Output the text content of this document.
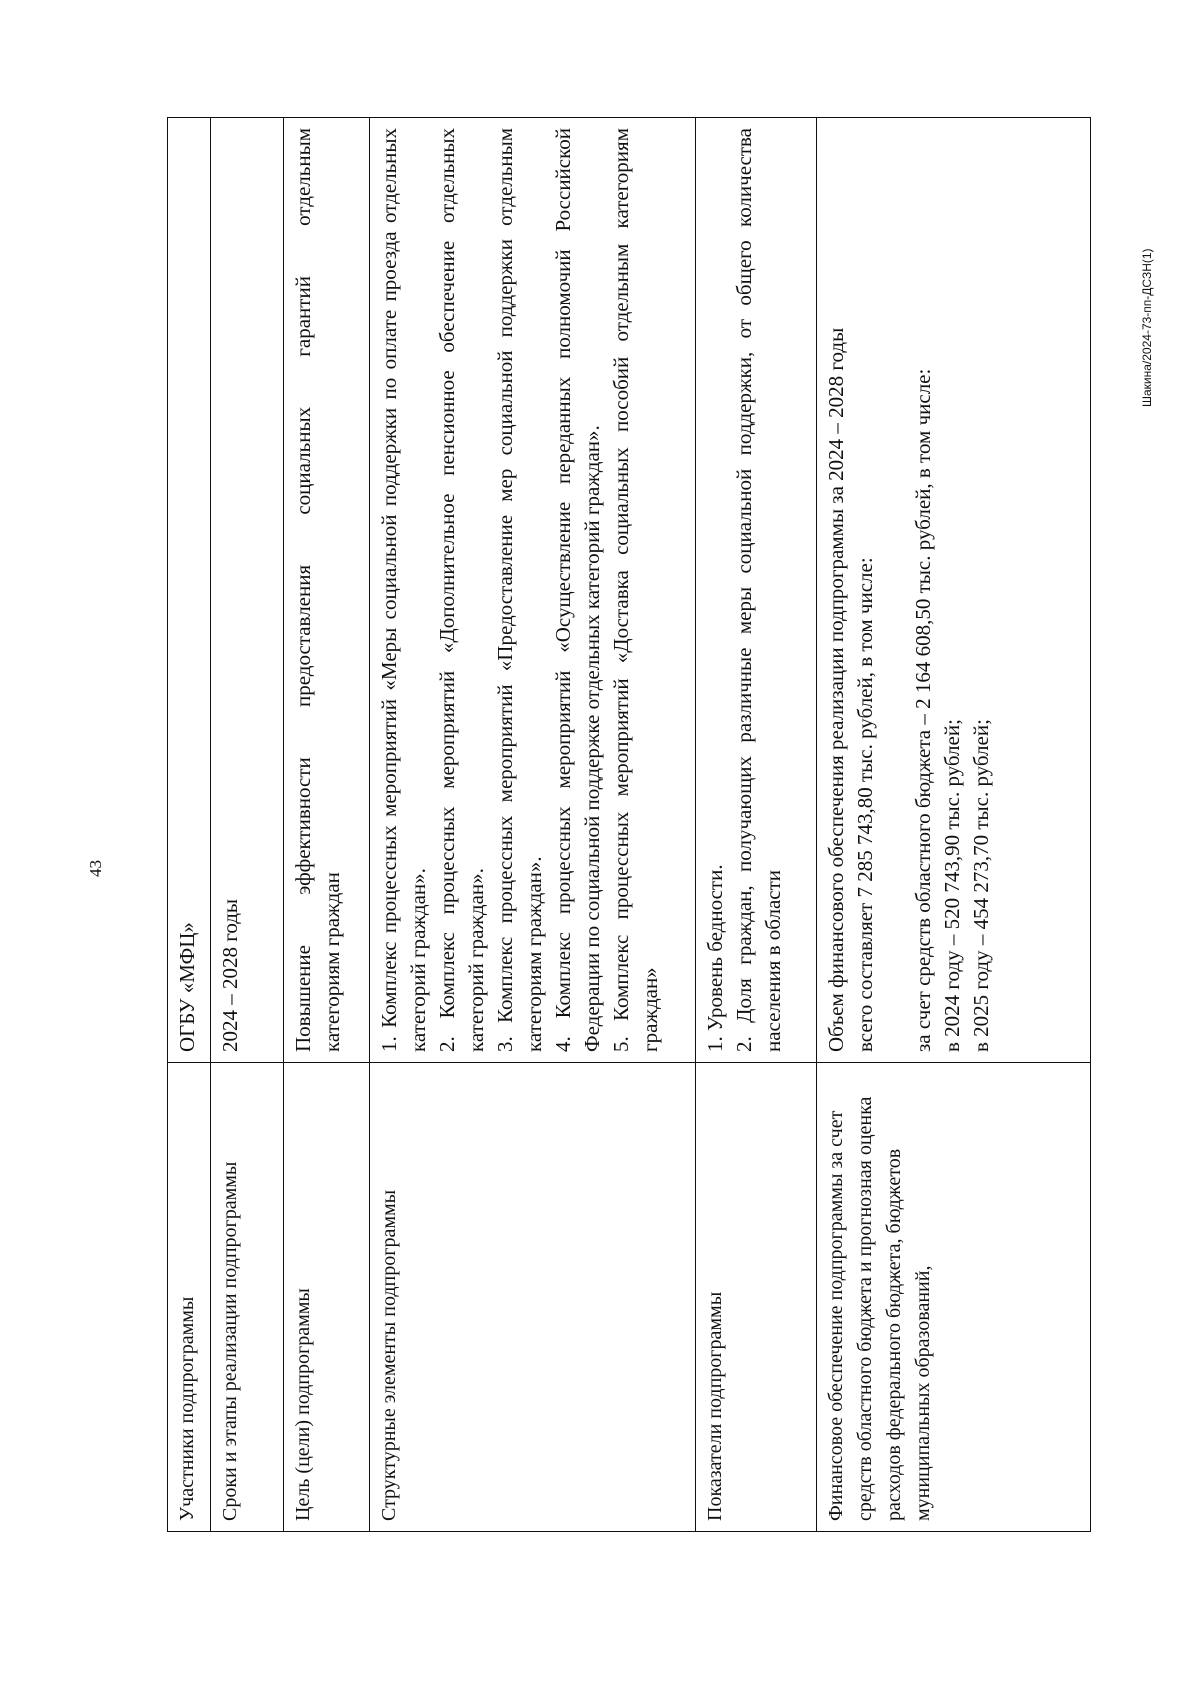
43
Участники подпрограммы	ОГБУ «МФЦ»
Сроки и этапы реализации подпрограммы	2024 – 2028 годы
Цель (цели) подпрограммы	Повышение эффективности предоставления социальных гарантий отдельным категориям граждан

Структурные элементы подпрограммы	1. Комплекс процессных мероприятий «Меры социальной поддержки по оплате проезда отдельных категорий граждан». 2. Комплекс процессных мероприятий «Дополнительное пенсионное обеспечение отдельных категорий граждан». 3. Комплекс процессных мероприятий «Предоставление мер социальной поддержки отдельным категориям граждан». 4. Комплекс процессных мероприятий «Осуществление переданных полномочий Российской Федерации по социальной поддержке отдельных категорий граждан». 5. Комплекс процессных мероприятий «Доставка социальных пособий отдельным категориям граждан»

Показатели подпрограммы	1. Уровень бедности. 2. Доля граждан, получающих различные меры социальной поддержки, от общего количества населения в области

Финансовое обеспечение подпрограммы за счет средств областного бюджета и прогнозная оценка расходов федерального бюджета, бюджетов муниципальных образований,	Объем финансового обеспечения реализации подпрограммы за 2024 – 2028 годы всего составляет 7 285 743,80 тыс. рублей, в том числе: за счет средств областного бюджета – 2 164 608,50 тыс. рублей, в том числе: в 2024 году – 520 743,90 тыс. рублей; в 2025 году – 454 273,70 тыс. рублей;
Шакина/2024-73-пп-ДСЗН(1)
